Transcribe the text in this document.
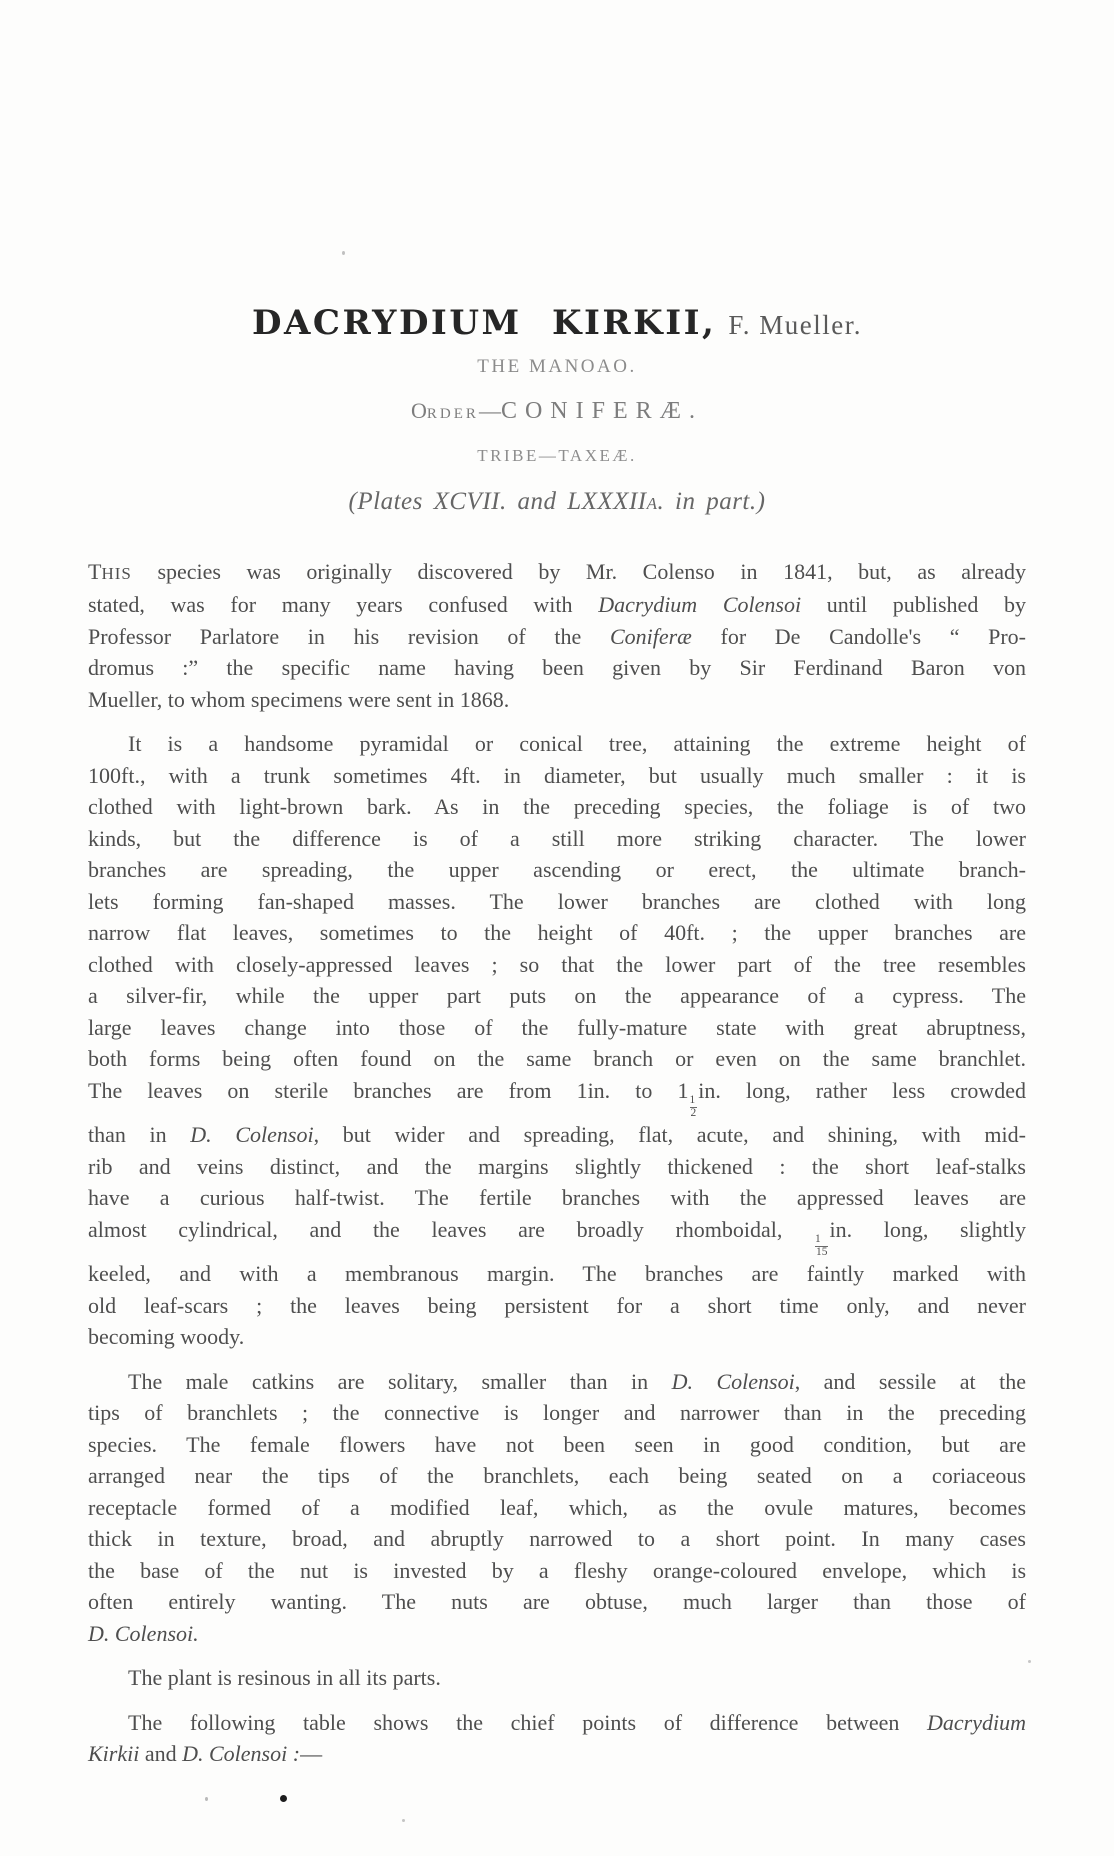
DACRYDIUM KIRKII, F. Mueller.
THE MANOAO.
ORDER—CONIFERÆ.
TRIBE—TAXEÆ.
(Plates XCVII. and LXXXIIA. in part.)
THIS species was originally discovered by Mr. Colenso in 1841, but, as already
stated, was for many years confused with Dacrydium Colensoi until published by
Professor Parlatore in his revision of the Coniferæ for De Candolle's “ Pro-
dromus :” the specific name having been given by Sir Ferdinand Baron von
Mueller, to whom specimens were sent in 1868.
It is a handsome pyramidal or conical tree, attaining the extreme height of
100ft., with a trunk sometimes 4ft. in diameter, but usually much smaller : it is
clothed with light-brown bark. As in the preceding species, the foliage is of two
kinds, but the difference is of a still more striking character. The lower
branches are spreading, the upper ascending or erect, the ultimate branch-
lets forming fan-shaped masses. The lower branches are clothed with long
narrow flat leaves, sometimes to the height of 40ft. ; the upper branches are
clothed with closely-appressed leaves ; so that the lower part of the tree resembles
a silver-fir, while the upper part puts on the appearance of a cypress. The
large leaves change into those of the fully-mature state with great abruptness,
both forms being often found on the same branch or even on the same branchlet.
The leaves on sterile branches are from 1in. to 1
$\frac{1}{2}$
in. long, rather less crowded
than in D. Colensoi, but wider and spreading, flat, acute, and shining, with mid-
rib and veins distinct, and the margins slightly thickened : the short leaf-stalks
have a curious half-twist. The fertile branches with the appressed leaves are
almost cylindrical, and the leaves are broadly rhomboidal,
$\frac{1}{15}$
in. long, slightly
keeled, and with a membranous margin. The branches are faintly marked with
old leaf-scars ; the leaves being persistent for a short time only, and never
becoming woody.
The male catkins are solitary, smaller than in D. Colensoi, and sessile at the
tips of branchlets ; the connective is longer and narrower than in the preceding
species. The female flowers have not been seen in good condition, but are
arranged near the tips of the branchlets, each being seated on a coriaceous
receptacle formed of a modified leaf, which, as the ovule matures, becomes
thick in texture, broad, and abruptly narrowed to a short point. In many cases
the base of the nut is invested by a fleshy orange-coloured envelope, which is
often entirely wanting. The nuts are obtuse, much larger than those of
D. Colensoi.
The plant is resinous in all its parts.
The following table shows the chief points of difference between Dacrydium
Kirkii and D. Colensoi :—
